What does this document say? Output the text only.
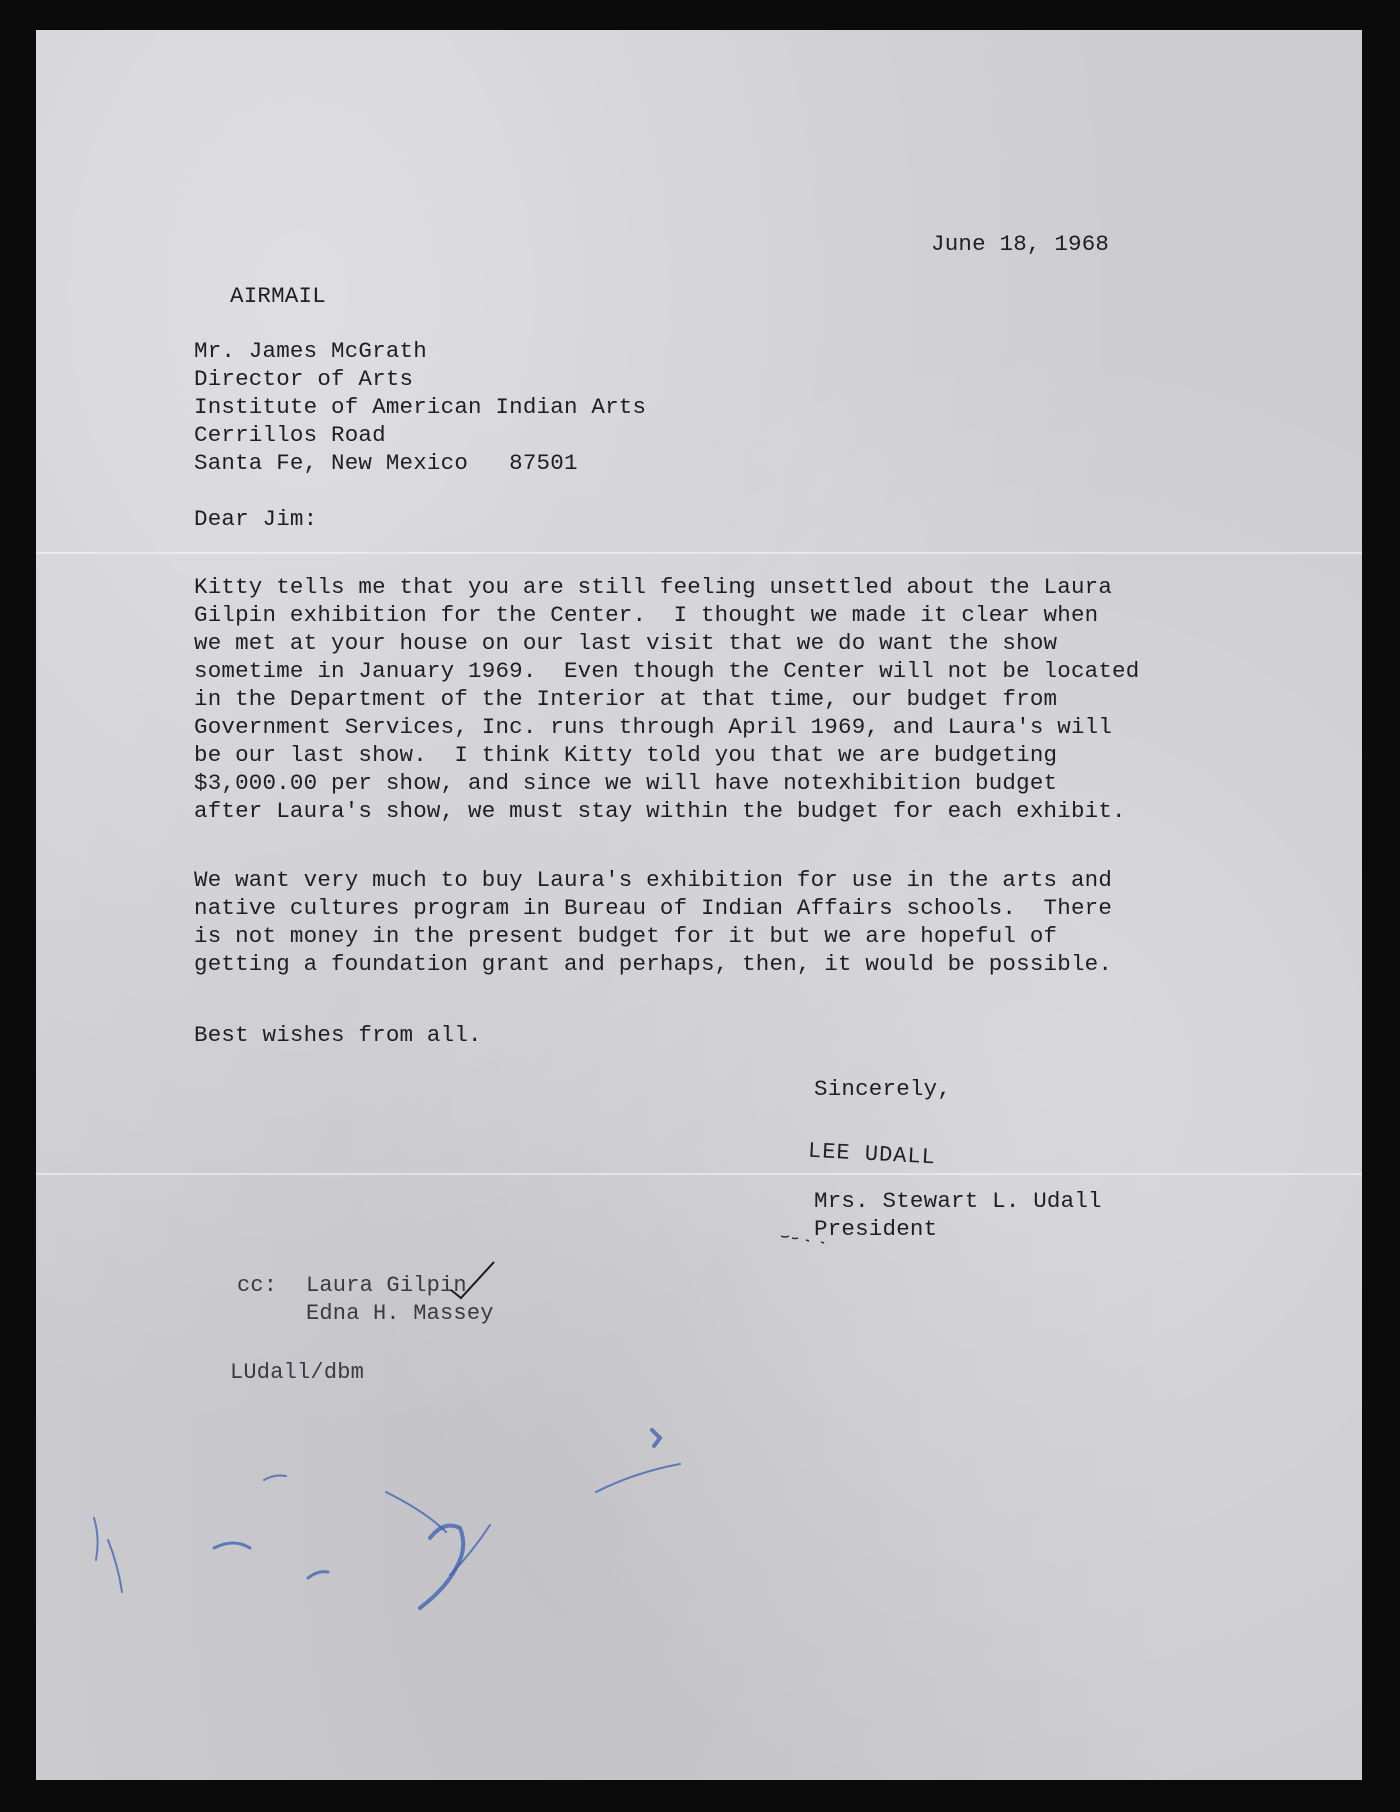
June 18, 1968
AIRMAIL
Mr. James McGrath
Director of Arts
Institute of American Indian Arts
Cerrillos Road
Santa Fe, New Mexico   87501
Dear Jim:
Kitty tells me that you are still feeling unsettled about the Laura
Gilpin exhibition for the Center.  I thought we made it clear when
we met at your house on our last visit that we do want the show
sometime in January 1969.  Even though the Center will not be located
in the Department of the Interior at that time, our budget from
Government Services, Inc. runs through April 1969, and Laura's will
be our last show.  I think Kitty told you that we are budgeting
$3,000.00 per show, and since we will have notexhibition budget
after Laura's show, we must stay within the budget for each exhibit.
We want very much to buy Laura's exhibition for use in the arts and
native cultures program in Bureau of Indian Affairs schools.  There
is not money in the present budget for it but we are hopeful of
getting a foundation grant and perhaps, then, it would be possible.
Best wishes from all.
Sincerely,
LEE UDALL
Mrs. Stewart L. Udall
President
cc: Laura Gilpin
Edna H. Massey
LUdall/dbm
